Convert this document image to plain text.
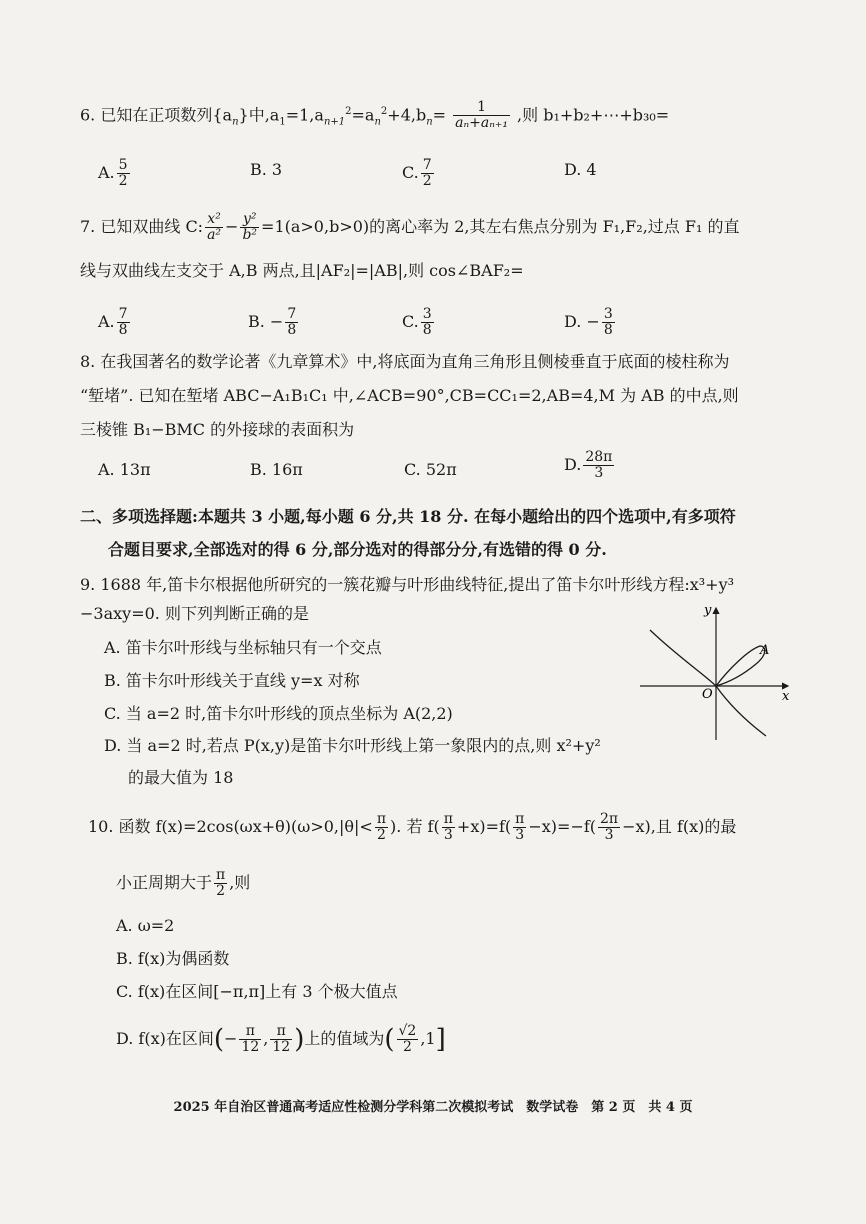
6. 已知在正项数列$\{a_n\}$中$,a_1=1,a_{n+1}^2=a_n^2+4,b_n= \frac{1}{\text{aₙ+aₙ₊₁}}$ ,则 b₁+b₂+⋯+b₃₀=
A. $\frac{5}{2}$	B. 3	C. $\frac{7}{2}$	D. 4
7. 已知双曲线 C: $\frac{\text{x²}}{\text{a²}} - \frac{\text{y²}}{\text{b²}} =1(a>0,b>0)$的离心率为 2,其左右焦点分别为 F₁,F₂,过点 F₁ 的直
线与双曲线左支交于 A,B 两点,且|AF₂|=|AB|,则 cos∠BAF₂=
A. $\frac{7}{8}$	B. − $\frac{7}{8}$	C. $\frac{3}{8}$	D. − $\frac{3}{8}$
8. 在我国著名的数学论著《九章算术》中,将底面为直角三角形且侧棱垂直于底面的棱柱称为
“堑堵”. 已知在堑堵 ABC−A₁B₁C₁ 中,∠ACB=90°,CB=CC₁=2,AB=4,M 为 AB 的中点,则
三棱锥 B₁−BMC 的外接球的表面积为
A. 13π	B. 16π	C. 52π	D. $\frac{28\pi}{3}$
二、多项选择题:本题共 3 小题,每小题 6 分,共 18 分. 在每小题给出的四个选项中,有多项符
合题目要求,全部选对的得 6 分,部分选对的得部分分,有选错的得 0 分.
9. 1688 年,笛卡尔根据他所研究的一簇花瓣与叶形曲线特征,提出了笛卡尔叶形线方程:x³+y³
−3axy=0. 则下列判断正确的是
A. 笛卡尔叶形线与坐标轴只有一个交点
B. 笛卡尔叶形线关于直线 y=x 对称
C. 当 a=2 时,笛卡尔叶形线的顶点坐标为 A(2,2)
D. 当 a=2 时,若点 P(x,y)是笛卡尔叶形线上第一象限内的点,则 x²+y²
的最大值为 18
y
x
O
A
10. 函数 $f(x)=2\cos(\omega x+\theta)(\omega>0,|\theta|< \frac{\pi}{2}$ ). 若 $f( \frac{\pi}{3} +x)=f( \frac{\pi}{3} -x)=-f( \frac{2\pi}{3} -x)$,且 f(x)的最
小正周期大于 $\frac{\pi}{2}$ ,则
A. ω=2
B. f(x)为偶函数
C. f(x)在区间[−π,π]上有 3 个极大值点
D. f(x)在区间(− $\frac{\pi}{12}$ , $\frac{\pi}{12}$ )上的值域为( $\frac{√2}{2} ,1$]
2025 年自治区普通高考适应性检测分学科第二次模拟考试　数学试卷　第 2 页　共 4 页
